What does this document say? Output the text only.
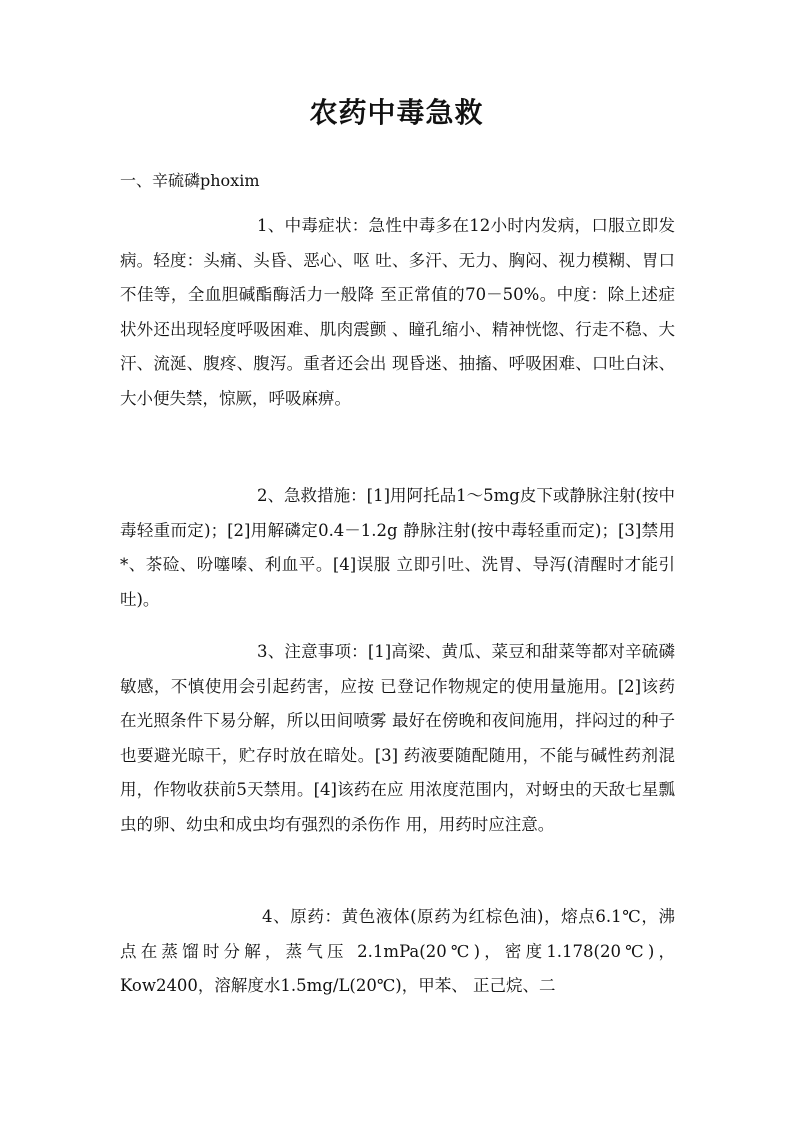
农药中毒急救
一、辛硫磷phoxim

1、中毒症状：急性中毒多在12小时内发病，口服立即发病。轻度：头痛、头昏、恶心、呕 吐、多汗、无力、胸闷、视力模糊、胃口不佳等，全血胆碱酯酶活力一般降 至正常值的70－50%。中度：除上述症状外还出现轻度呼吸困难、肌肉震颤 、瞳孔缩小、精神恍惚、行走不稳、大汗、流涎、腹疼、腹泻。重者还会出 现昏迷、抽搐、呼吸困难、口吐白沫、大小便失禁，惊厥，呼吸麻痹。

2、急救措施：[1]用阿托品1～5mg皮下或静脉注射(按中毒轻重而定)；[2]用解磷定0.4－1.2g 静脉注射(按中毒轻重而定)；[3]禁用*、茶硷、吩噻嗪、利血平。[4]误服 立即引吐、洗胃、导泻(清醒时才能引吐)。

3、注意事项：[1]高梁、黄瓜、菜豆和甜菜等都对辛硫磷敏感，不慎使用会引起药害，应按 已登记作物规定的使用量施用。[2]该药在光照条件下易分解，所以田间喷雾 最好在傍晚和夜间施用，拌闷过的种子也要避光晾干，贮存时放在暗处。[3] 药液要随配随用，不能与碱性药剂混用，作物收获前5天禁用。[4]该药在应 用浓度范围内，对蚜虫的天敌七星瓢虫的卵、幼虫和成虫均有强烈的杀伤作 用，用药时应注意。

4、原药：黄色液体(原药为红棕色油)，熔点6.1℃，沸点在蒸馏时分解，蒸气压 2.1mPa(20℃)，密度1.178(20℃)，Kow2400，溶解度水1.5mg/L(20℃)，甲苯、 正己烷、二
